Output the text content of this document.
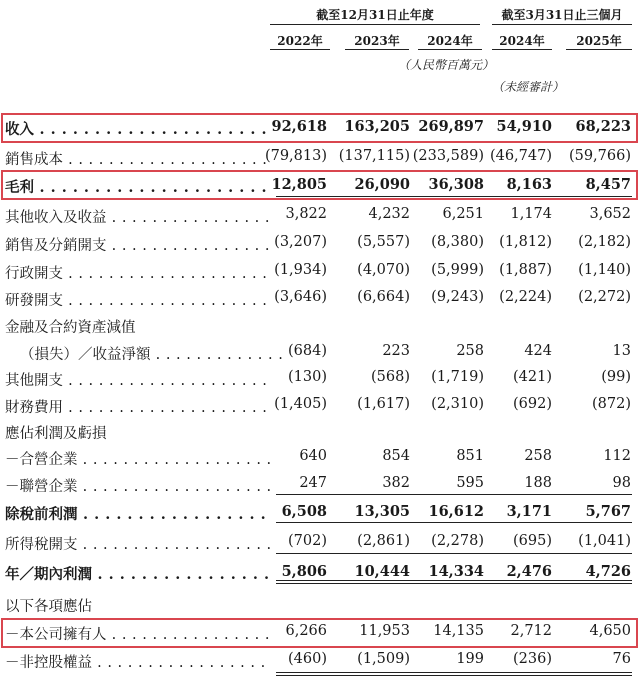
截至12月31日止年度	截至3月31日止三個月
2022年	2023年	2024年	2024年	2025年
（人民幣百萬元）
（未經審計）
收入 . . .	92,618	163,205 269,897 54,910	68,223
銷售成本 . . .	(79,813) (137,115) (233,589) (46,747)	(59,766)
毛利 . . .	12,805	26,090	36,308	8,163	8,457
其他收入及收益 . . .	3,822	4,232	6,251	1,174	3,652
銷售及分銷開支 . . .	(3,207)	(5,557)	(8,380)	(1,812)	(2,182)
行政開支 . . .	(1,934)	(4,070)	(5,999)	(1,887)	(1,140)
研發開支 . . .	(3,646)	(6,664)	(9,243)	(2,224)	(2,272)
金融及合約資產減值
（損失）／收益淨額 . . .	(684)	223	258	424	13
其他開支 . . .	(130)	(568)	(1,719)	(421)	(99)
財務費用 . . .	(1,405)	(1,617)	(2,310)	(692)	(872)
應佔利潤及虧損
－合營企業 . . .	640	854	851	258	112
－聯營企業 . . .	247	382	595	188	98
除稅前利潤 . . .	6,508	13,305	16,612	3,171	5,767
所得稅開支 . . .	(702)	(2,861)	(2,278)	(695)	(1,041)
年／期內利潤 . . .	5,806	10,444	14,334	2,476	4,726
以下各項應佔
－本公司擁有人 . . .	6,266	11,953	14,135	2,712	4,650
－非控股權益 . . .	(460)	(1,509)	199	(236)	76
